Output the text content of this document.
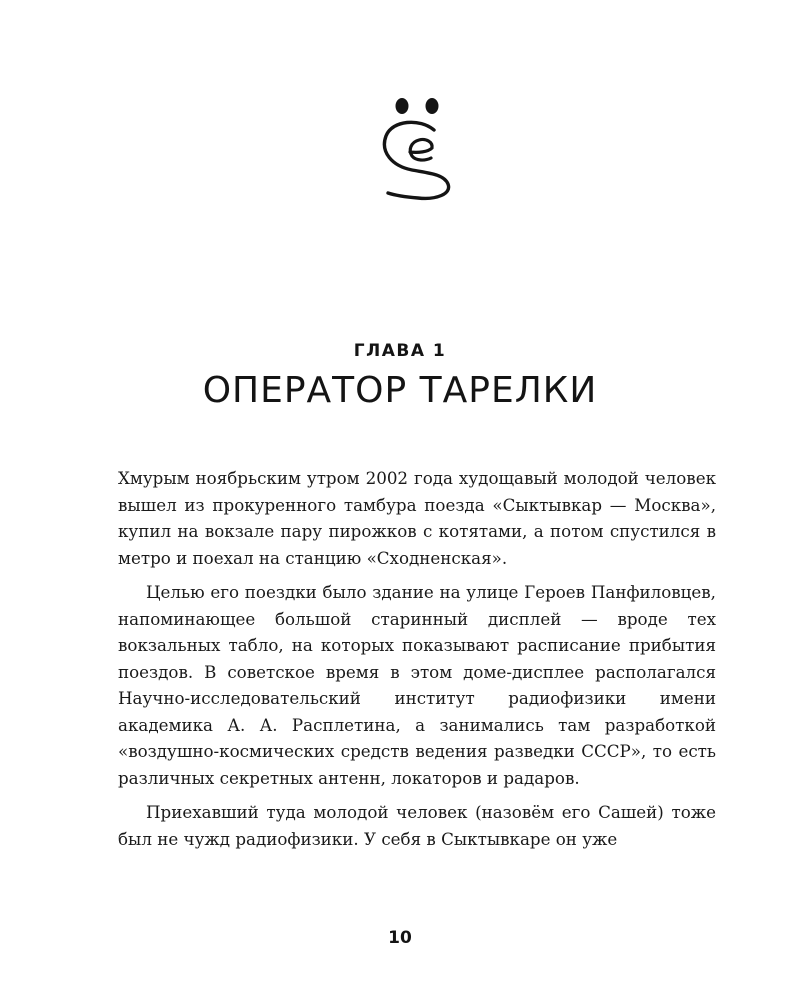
ГЛАВА 1
ОПЕРАТОР ТАРЕЛКИ

Хмурым ноябрьским утром 2002 года худощавый молодой человек вышел из прокуренного тамбура поезда «Сыктывкар — Москва», купил на вокзале пару пирожков с котятами, а потом спустился в метро и поехал на станцию «Сходненская».

Целью его поездки было здание на улице Героев Панфиловцев, напоминающее большой старинный дисплей — вроде тех вокзальных табло, на которых показывают расписание прибытия поездов. В советское время в этом доме-дисплее располагался Научно-исследовательский институт радиофизики имени академика А. А. Расплетина, а занимались там разработкой «воздушно-космических средств ведения разведки СССР», то есть различных секретных антенн, локаторов и радаров.

Приехавший туда молодой человек (назовём его Сашей) тоже был не чужд радиофизики. У себя в Сыктывкаре он уже

10
